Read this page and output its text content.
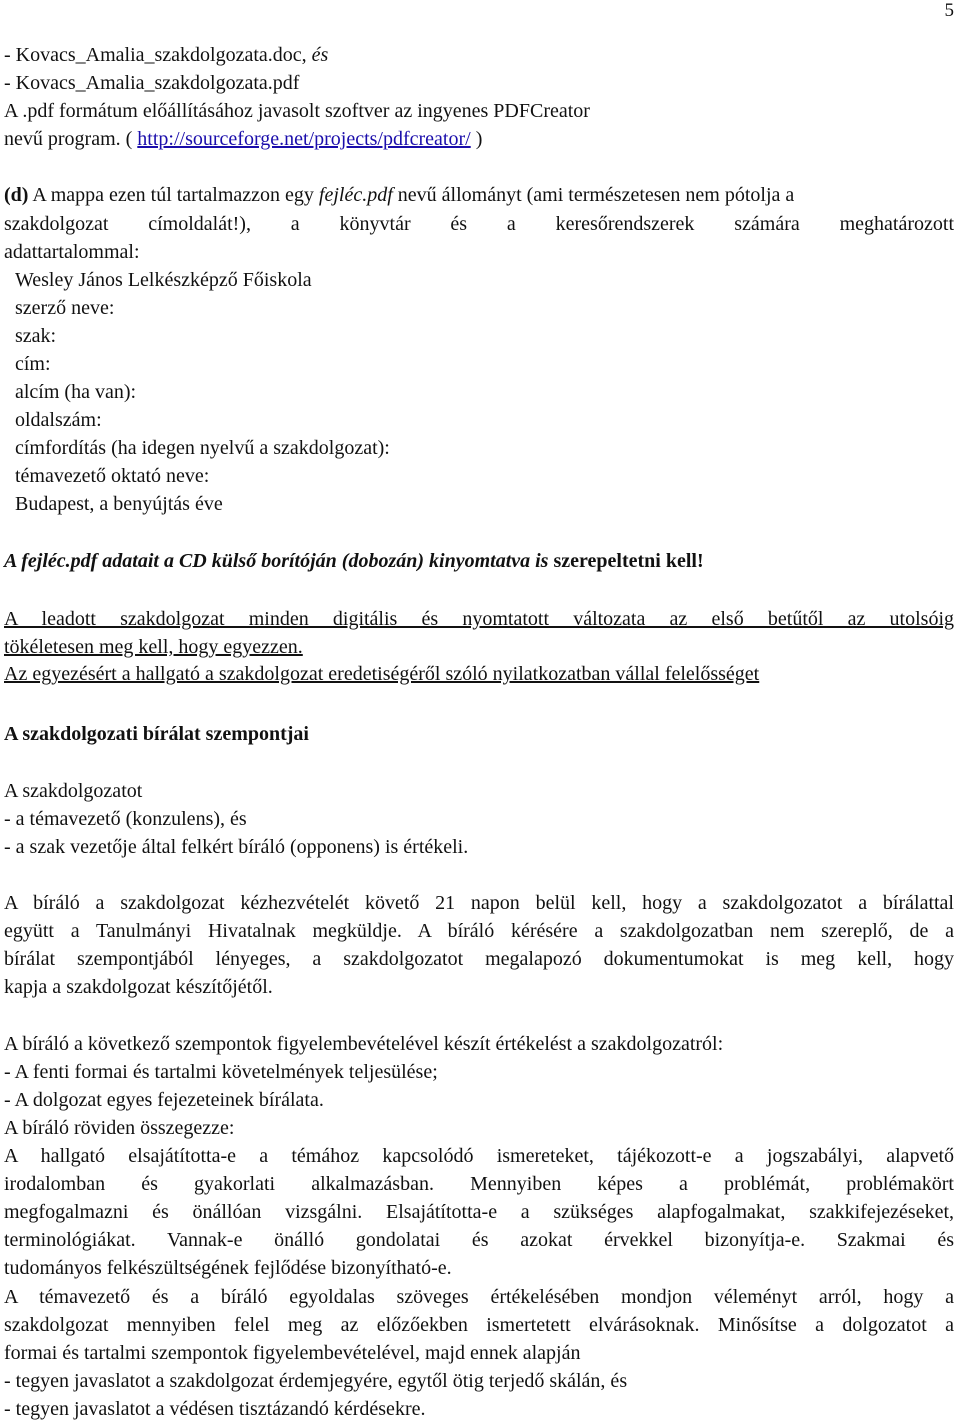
5
- Kovacs_Amalia_szakdolgozata.doc, és
- Kovacs_Amalia_szakdolgozata.pdf
A .pdf formátum előállításához javasolt szoftver az ingyenes PDFCreator
nevű program. ( http://sourceforge.net/projects/pdfcreator/ )
(d) A mappa ezen túl tartalmazzon egy fejléc.pdf nevű állományt (ami természetesen nem pótolja a
szakdolgozat címoldalát!), a könyvtár és a keresőrendszerek számára meghatározott
adattartalommal:
Wesley János Lelkészképző Főiskola
szerző neve:
szak:
cím:
alcím (ha van):
oldalszám:
címfordítás (ha idegen nyelvű a szakdolgozat):
témavezető oktató neve:
Budapest, a benyújtás éve
A fejléc.pdf adatait a CD külső borítóján (dobozán) kinyomtatva is szerepeltetni kell!
A leadott szakdolgozat minden digitális és nyomtatott változata az első betűtől az utolsóig
tökéletesen meg kell, hogy egyezzen.
Az egyezésért a hallgató a szakdolgozat eredetiségéről szóló nyilatkozatban vállal felelősséget
A szakdolgozati bírálat szempontjai
A szakdolgozatot
- a témavezető (konzulens), és
- a szak vezetője által felkért bíráló (opponens) is értékeli.
A bíráló a szakdolgozat kézhezvételét követő 21 napon belül kell, hogy a szakdolgozatot a bírálattal
együtt a Tanulmányi Hivatalnak megküldje. A bíráló kérésére a szakdolgozatban nem szereplő, de a
bírálat szempontjából lényeges, a szakdolgozatot megalapozó dokumentumokat is meg kell, hogy
kapja a szakdolgozat készítőjétől.
A bíráló a következő szempontok figyelembevételével készít értékelést a szakdolgozatról:
- A fenti formai és tartalmi követelmények teljesülése;
- A dolgozat egyes fejezeteinek bírálata.
A bíráló röviden összegezze:
A hallgató elsajátította-e a témához kapcsolódó ismereteket, tájékozott-e a jogszabályi, alapvető
irodalomban és gyakorlati alkalmazásban. Mennyiben képes a problémát, problémakört
megfogalmazni és önállóan vizsgálni. Elsajátította-e a szükséges alapfogalmakat, szakkifejezéseket,
terminológiákat. Vannak-e önálló gondolatai és azokat érvekkel bizonyítja-e. Szakmai és
tudományos felkészültségének fejlődése bizonyítható-e.
A témavezető és a bíráló egyoldalas szöveges értékelésében mondjon véleményt arról, hogy a
szakdolgozat mennyiben felel meg az előzőekben ismertetett elvárásoknak. Minősítse a dolgozatot a
formai és tartalmi szempontok figyelembevételével, majd ennek alapján
- tegyen javaslatot a szakdolgozat érdemjegyére, egytől ötig terjedő skálán, és
- tegyen javaslatot a védésen tisztázandó kérdésekre.
